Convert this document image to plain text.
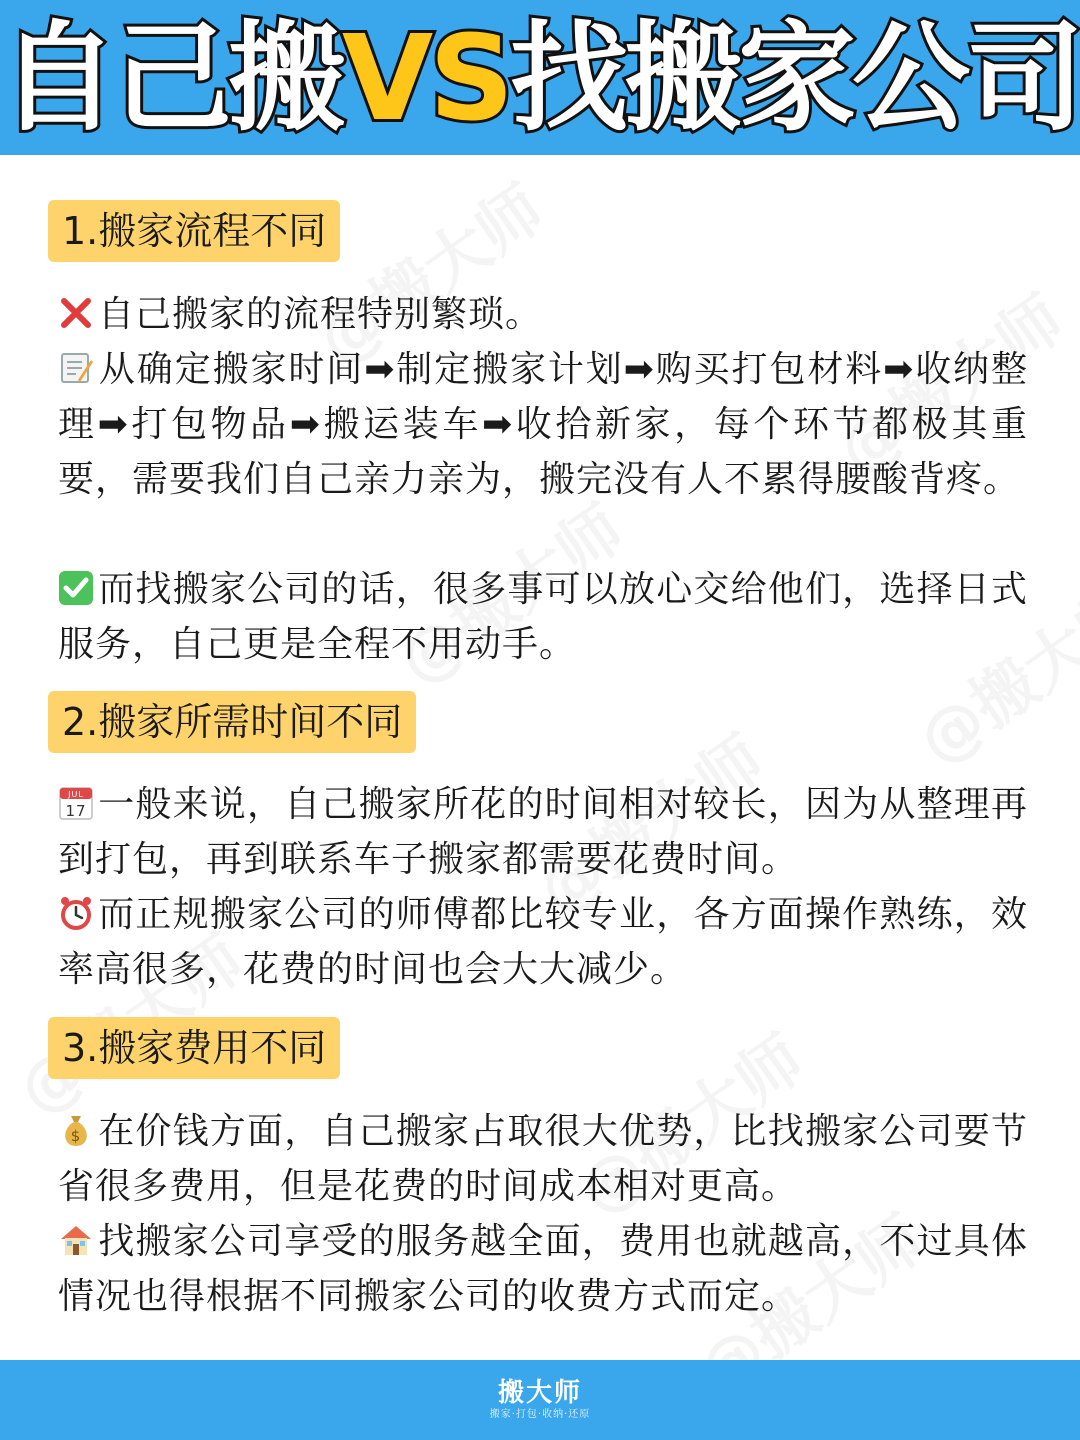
自己搬VS找搬家公司
1.搬家流程不同
自己搬家的流程特别繁琐。
从确定搬家时间➡制定搬家计划➡购买打包材料➡收纳整理➡打包物品➡搬运装车➡收拾新家，每个环节都极其重要，需要我们自己亲力亲为，搬完没有人不累得腰酸背疼。
而找搬家公司的话，很多事可以放心交给他们，选择日式服务，自己更是全程不用动手。
2.搬家所需时间不同
JUL
17 一般来说，自己搬家所花的时间相对较长，因为从整理再到打包，再到联系车子搬家都需要花费时间。
而正规搬家公司的师傅都比较专业，各方面操作熟练，效率高很多，花费的时间也会大大减少。
3.搬家费用不同
$ 在价钱方面，自己搬家占取很大优势，比找搬家公司要节省很多费用，但是花费的时间成本相对更高。
找搬家公司享受的服务越全面，费用也就越高，不过具体情况也得根据不同搬家公司的收费方式而定。
搬大师
搬家·打包·收纳·还原
